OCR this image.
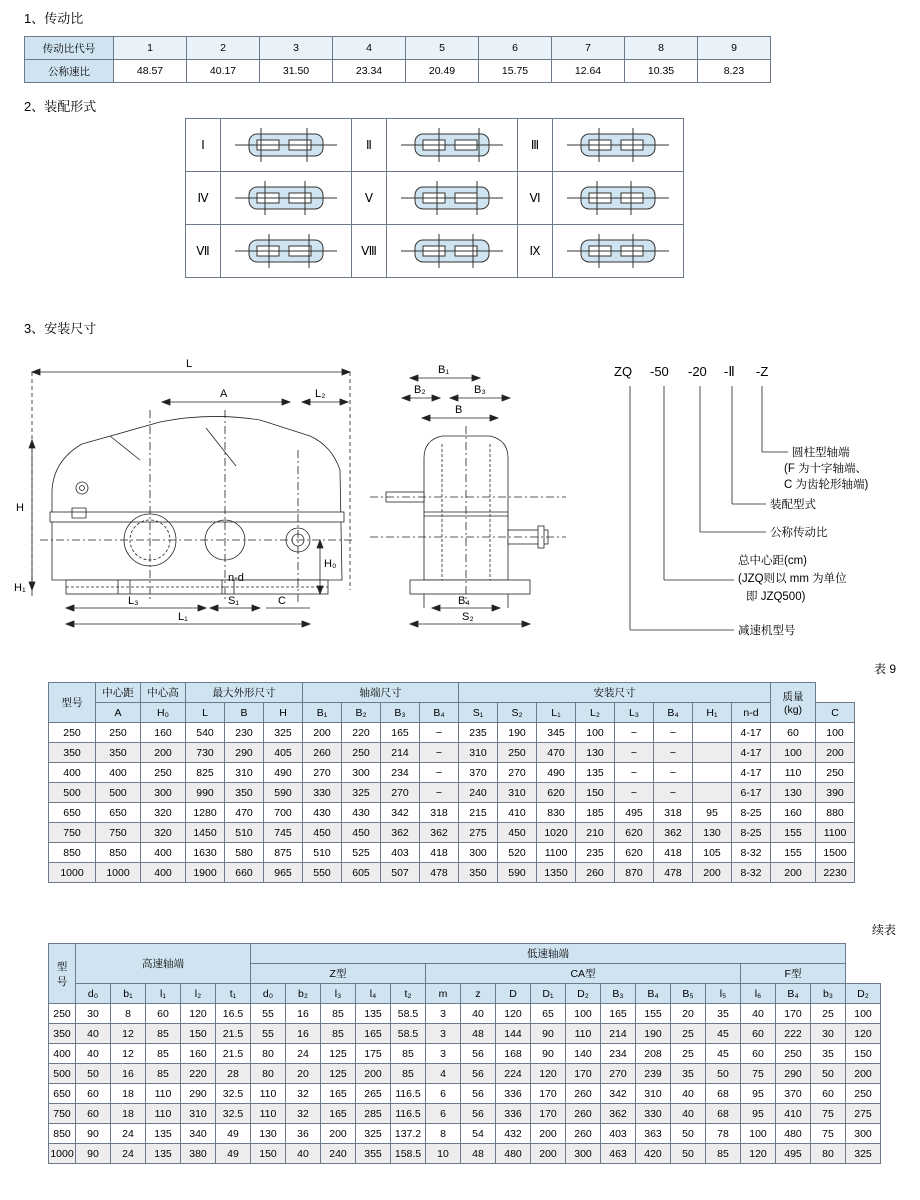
1、传动比
传动比代号	1	2	3	4	5	6	7	8	9
公称速比	48.57	40.17	31.50	23.34	20.49	15.75	12.64	10.35	8.23
2、装配形式
Ⅰ		Ⅱ		Ⅲ	

Ⅳ		Ⅴ		Ⅵ	

Ⅶ		Ⅷ		Ⅸ	
3、安装尺寸
L
A	L₂
H
H₁
H₀
L₃	S₁	C
L₁
n-d
B₁
B₂	B₃
B
B₄
S₂
ZQ -50 -20 -Ⅱ -Z
圆柱型轴端
(F 为十字轴端、
C 为齿轮形轴端)
装配型式
公称传动比
总中心距(cm)
(JZQ则以 mm 为单位
即 JZQ500)
减速机型号
表 9
型号	中心距	中心高	最大外形尺寸			轴端尺寸				安装尺寸								质量
(kg)	
	A	H₀	L	B	H	B₁	B₂	B₃	B₄	S₁	S₂	L₁	L₂	L₃	B₄	H₁	n-d		C
250	250	160	540	230	325	200	220	165	−	235	190	345	100	−	−		4-17	60	100
350	350	200	730	290	405	260	250	214	−	310	250	470	130	−	−		4-17	100	200
400	400	250	825	310	490	270	300	234	−	370	270	490	135	−	−		4-17	110	250
500	500	300	990	350	590	330	325	270	−	240	310	620	150	−	−		6-17	130	390
650	650	320	1280	470	700	430	430	342	318	215	410	830	185	495	318	95	8-25	160	880
750	750	320	1450	510	745	450	450	362	362	275	450	1020	210	620	362	130	8-25	155	1100
850	850	400	1630	580	875	510	525	403	418	300	520	1100	235	620	418	105	8-32	155	1500
1000	1000	400	1900	660	965	550	605	507	478	350	590	1350	260	870	478	200	8-32	200	2230
续表
型
号	高速轴端					低速轴端																	
						Z型					CA型									F型			
	d₀	b₁	l₁	l₂	t₁	d₀	b₂	l₃	l₄	t₂	m	z	D	D₁	D₂	B₃	B₄	B₅	l₅	l₆	B₄	b₃	D₂
250	30	8	60	120	16.5	55	16	85	135	58.5	3	40	120	65	100	165	155	20	35	40	170	25	100
350	40	12	85	150	21.5	55	16	85	165	58.5	3	48	144	90	110	214	190	25	45	60	222	30	120
400	40	12	85	160	21.5	80	24	125	175	85	3	56	168	90	140	234	208	25	45	60	250	35	150
500	50	16	85	220	28	80	20	125	200	85	4	56	224	120	170	270	239	35	50	75	290	50	200
650	60	18	110	290	32.5	110	32	165	265	116.5	6	56	336	170	260	342	310	40	68	95	370	60	250
750	60	18	110	310	32.5	110	32	165	285	116.5	6	56	336	170	260	362	330	40	68	95	410	75	275
850	90	24	135	340	49	130	36	200	325	137.2	8	54	432	200	260	403	363	50	78	100	480	75	300
1000	90	24	135	380	49	150	40	240	355	158.5	10	48	480	200	300	463	420	50	85	120	495	80	325
